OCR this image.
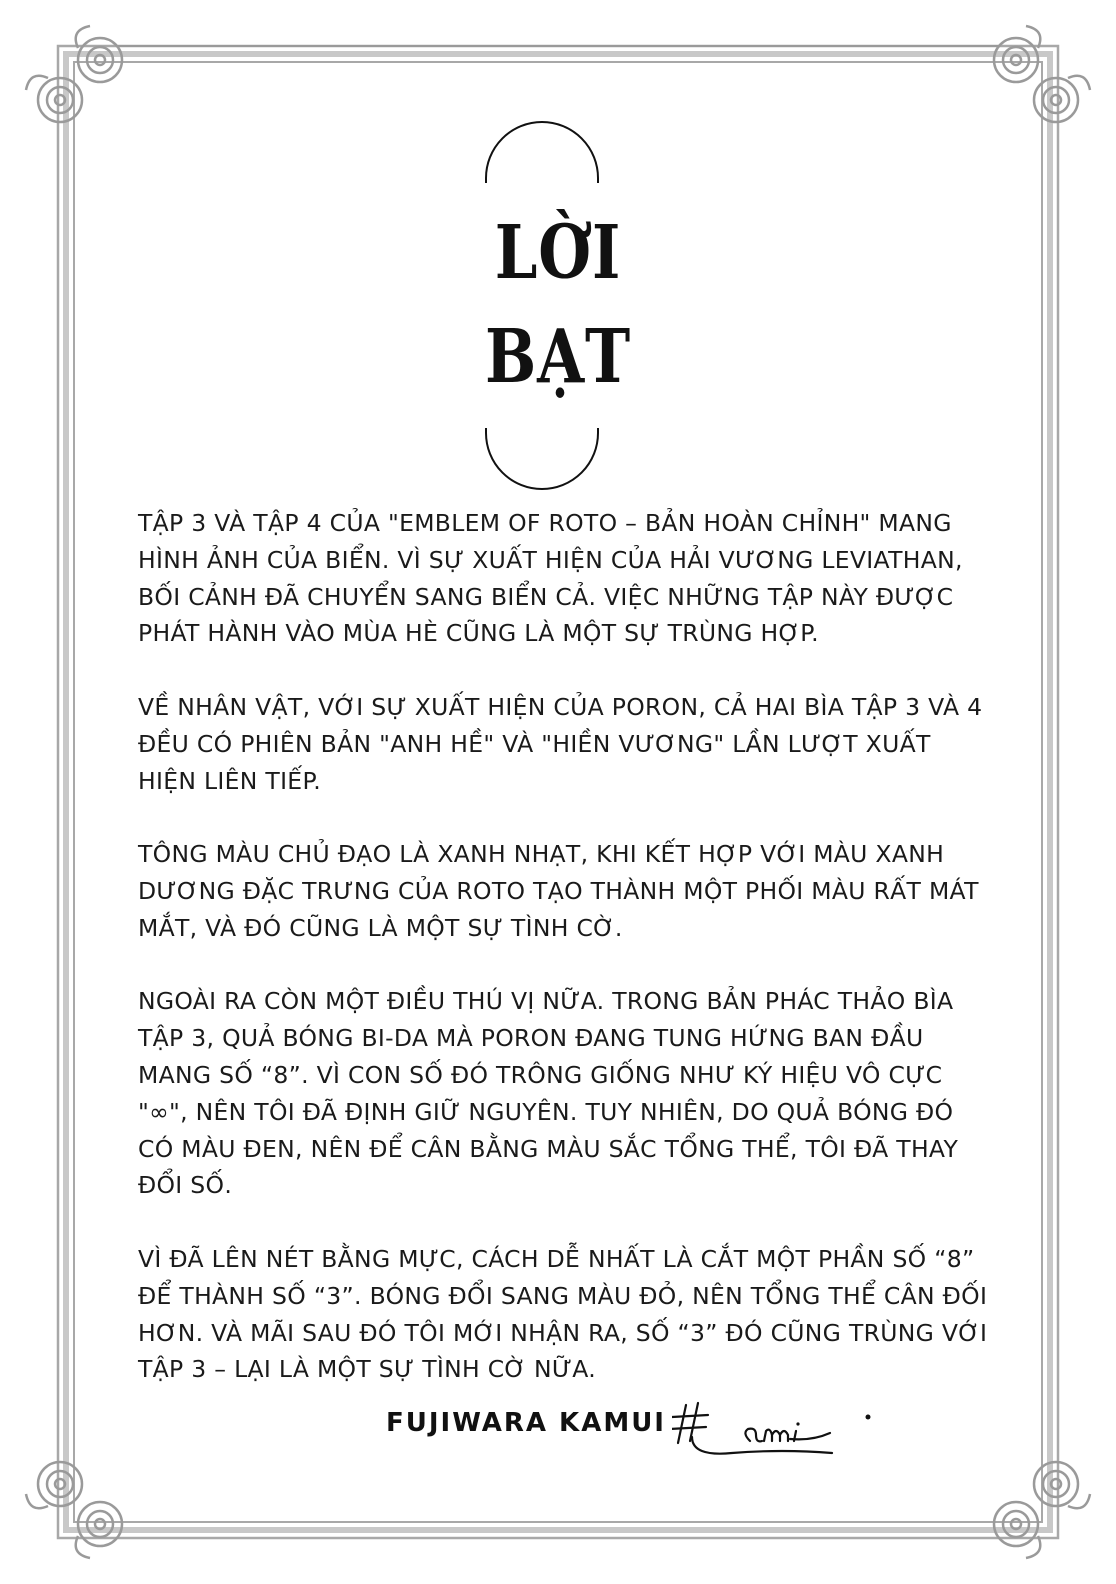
LỜI
BẠT

TẬP 3 VÀ TẬP 4 CỦA "EMBLEM OF ROTO – BẢN HOÀN CHỈNH" MANG HÌNH ẢNH CỦA BIỂN. VÌ SỰ XUẤT HIỆN CỦA HẢI VƯƠNG LEVIATHAN, BỐI CẢNH ĐÃ CHUYỂN SANG BIỂN CẢ. VIỆC NHỮNG TẬP NÀY ĐƯỢC PHÁT HÀNH VÀO MÙA HÈ CŨNG LÀ MỘT SỰ TRÙNG HỢP.

VỀ NHÂN VẬT, VỚI SỰ XUẤT HIỆN CỦA PORON, CẢ HAI BÌA TẬP 3 VÀ 4 ĐỀU CÓ PHIÊN BẢN "ANH HỀ" VÀ "HIỀN VƯƠNG" LẦN LƯỢT XUẤT HIỆN LIÊN TIẾP.

TÔNG MÀU CHỦ ĐẠO LÀ XANH NHẠT, KHI KẾT HỢP VỚI MÀU XANH DƯƠNG ĐẶC TRƯNG CỦA ROTO TẠO THÀNH MỘT PHỐI MÀU RẤT MÁT MẮT, VÀ ĐÓ CŨNG LÀ MỘT SỰ TÌNH CỜ.

NGOÀI RA CÒN MỘT ĐIỀU THÚ VỊ NỮA. TRONG BẢN PHÁC THẢO BÌA TẬP 3, QUẢ BÓNG BI-DA MÀ PORON ĐANG TUNG HỨNG BAN ĐẦU MANG SỐ “8”. VÌ CON SỐ ĐÓ TRÔNG GIỐNG NHƯ KÝ HIỆU VÔ CỰC "∞", NÊN TÔI ĐÃ ĐỊNH GIỮ NGUYÊN. TUY NHIÊN, DO QUẢ BÓNG ĐÓ CÓ MÀU ĐEN, NÊN ĐỂ CÂN BẰNG MÀU SẮC TỔNG THỂ, TÔI ĐÃ THAY ĐỔI SỐ.

VÌ ĐÃ LÊN NÉT BẰNG MỰC, CÁCH DỄ NHẤT LÀ CẮT MỘT PHẦN SỐ “8” ĐỂ THÀNH SỐ “3”. BÓNG ĐỔI SANG MÀU ĐỎ, NÊN TỔNG THỂ CÂN ĐỐI HƠN. VÀ MÃI SAU ĐÓ TÔI MỚI NHẬN RA, SỐ “3” ĐÓ CŨNG TRÙNG VỚI TẬP 3 – LẠI LÀ MỘT SỰ TÌNH CỜ NỮA.

FUJIWARA KAMUI
